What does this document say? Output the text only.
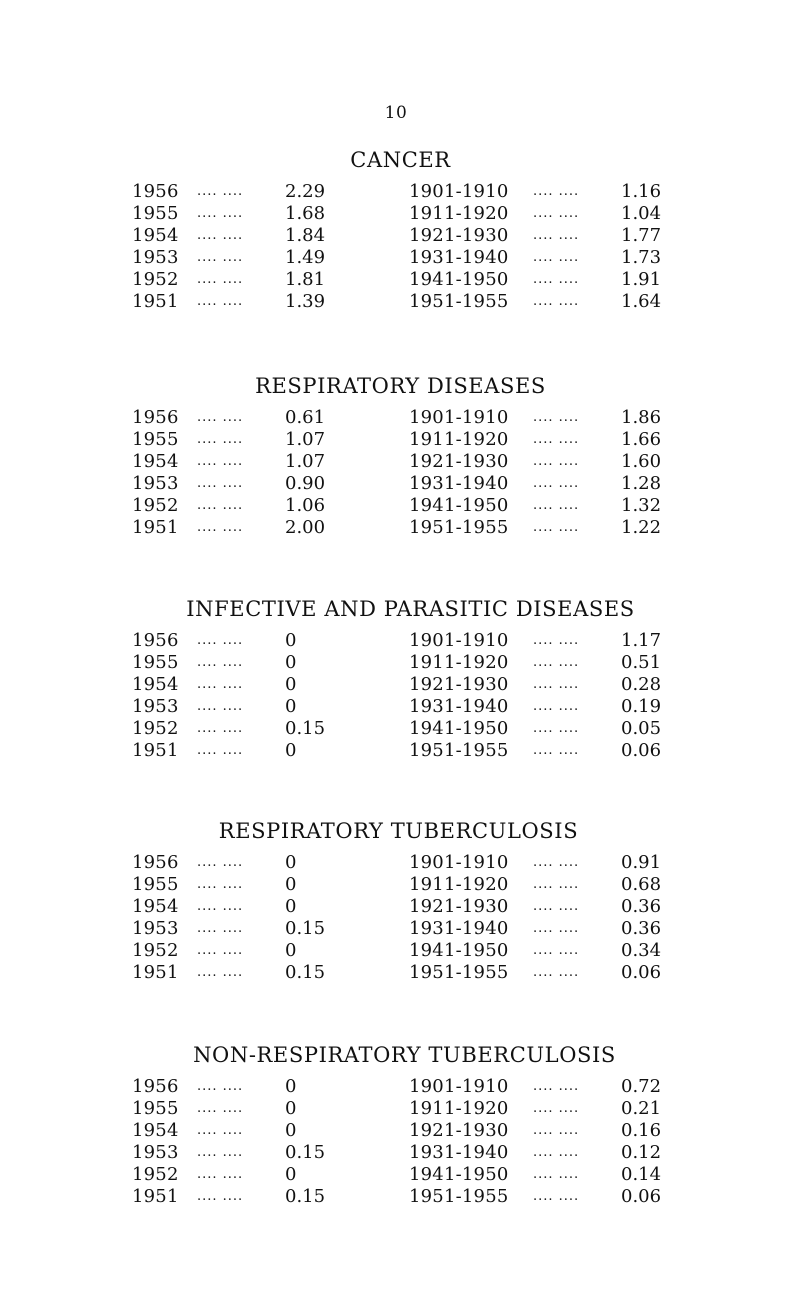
10
CANCER
1956	.... ....	2.29	1901-1910	.... ....	1.16
1955	.... ....	1.68	1911-1920	.... ....	1.04
1954	.... ....	1.84	1921-1930	.... ....	1.77
1953	.... ....	1.49	1931-1940	.... ....	1.73
1952	.... ....	1.81	1941-1950	.... ....	1.91
1951	.... ....	1.39	1951-1955	.... ....	1.64
RESPIRATORY DISEASES
1956	.... ....	0.61	1901-1910	.... ....	1.86
1955	.... ....	1.07	1911-1920	.... ....	1.66
1954	.... ....	1.07	1921-1930	.... ....	1.60
1953	.... ....	0.90	1931-1940	.... ....	1.28
1952	.... ....	1.06	1941-1950	.... ....	1.32
1951	.... ....	2.00	1951-1955	.... ....	1.22
INFECTIVE AND PARASITIC DISEASES
1956	.... ....	0	1901-1910	.... ....	1.17
1955	.... ....	0	1911-1920	.... ....	0.51
1954	.... ....	0	1921-1930	.... ....	0.28
1953	.... ....	0	1931-1940	.... ....	0.19
1952	.... ....	0.15	1941-1950	.... ....	0.05
1951	.... ....	0	1951-1955	.... ....	0.06
RESPIRATORY TUBERCULOSIS
1956	.... ....	0	1901-1910	.... ....	0.91
1955	.... ....	0	1911-1920	.... ....	0.68
1954	.... ....	0	1921-1930	.... ....	0.36
1953	.... ....	0.15	1931-1940	.... ....	0.36
1952	.... ....	0	1941-1950	.... ....	0.34
1951	.... ....	0.15	1951-1955	.... ....	0.06
NON-RESPIRATORY TUBERCULOSIS
1956	.... ....	0	1901-1910	.... ....	0.72
1955	.... ....	0	1911-1920	.... ....	0.21
1954	.... ....	0	1921-1930	.... ....	0.16
1953	.... ....	0.15	1931-1940	.... ....	0.12
1952	.... ....	0	1941-1950	.... ....	0.14
1951	.... ....	0.15	1951-1955	.... ....	0.06
